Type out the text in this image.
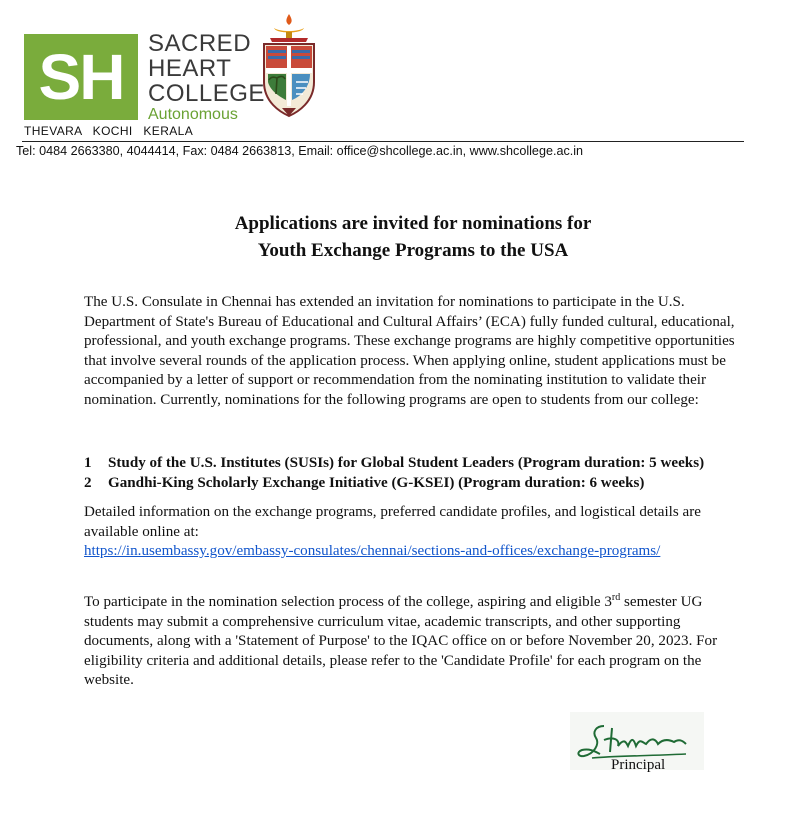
SH	SACRED
HEART
COLLEGE
Autonomous
THEVARA KOCHI KERALA
Tel: 0484 2663380, 4044414, Fax: 0484 2663813, Email: office@shcollege.ac.in, www.shcollege.ac.in
Applications are invited for nominations for
Youth Exchange Programs to the USA
The U.S. Consulate in Chennai has extended an invitation for nominations to participate in the U.S. Department of State's Bureau of Educational and Cultural Affairs’ (ECA) fully funded cultural, educational, professional, and youth exchange programs. These exchange programs are highly competitive opportunities that involve several rounds of the application process. When applying online, student applications must be accompanied by a letter of support or recommendation from the nominating institution to validate their nomination. Currently, nominations for the following programs are open to students from our college:
1 Study of the U.S. Institutes (SUSIs) for Global Student Leaders (Program duration: 5 weeks)
2 Gandhi-King Scholarly Exchange Initiative (G-KSEI) (Program duration: 6 weeks)
Detailed information on the exchange programs, preferred candidate profiles, and logistical details are available online at:
https://in.usembassy.gov/embassy-consulates/chennai/sections-and-offices/exchange-programs/
To participate in the nomination selection process of the college, aspiring and eligible 3rd semester UG students may submit a comprehensive curriculum vitae, academic transcripts, and other supporting documents, along with a 'Statement of Purpose' to the IQAC office on or before November 20, 2023. For eligibility criteria and additional details, please refer to the 'Candidate Profile' for each program on the website.
Principal
